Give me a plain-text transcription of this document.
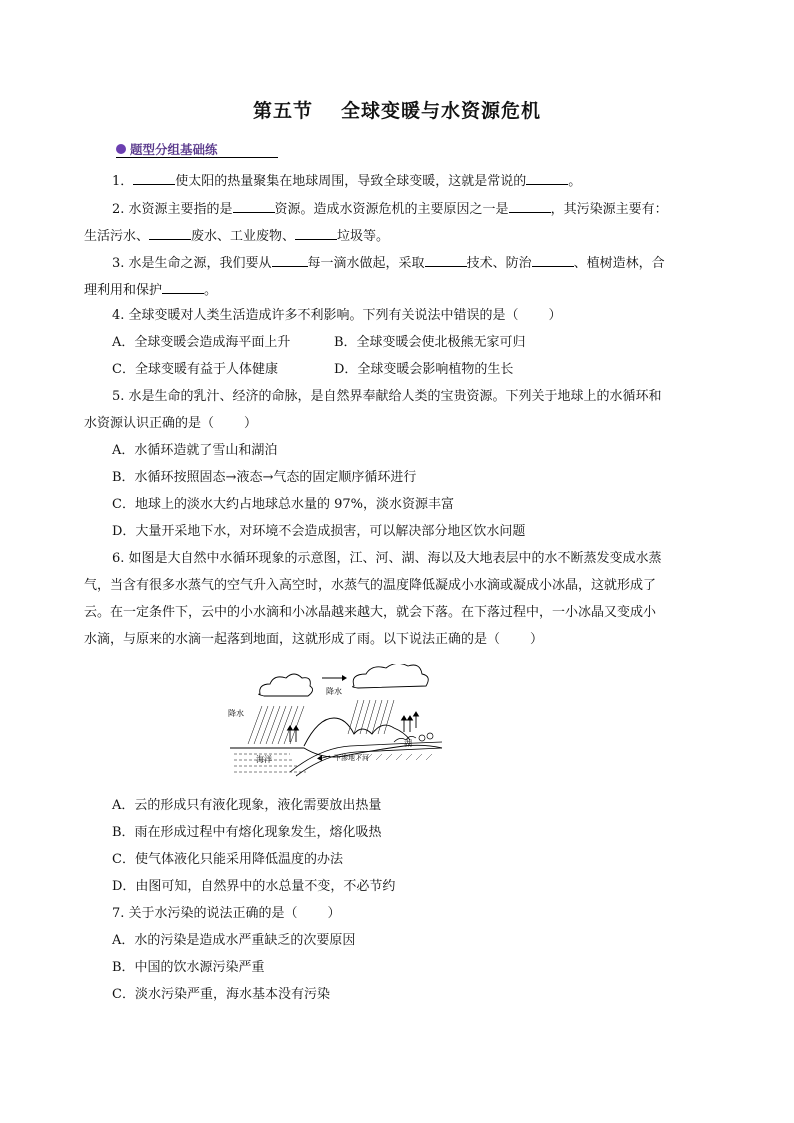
第五节 全球变暖与水资源危机
题型分组基础练
1．	使太阳的热量聚集在地球周围，导致全球变暖，这就是常说的	。
2. 水资源主要指的是	资源。造成水资源危机的主要原因之一是	，其污染源主要有：
生活污水、	废水、工业废物、	垃圾等。
3. 水是生命之源，我们要从	每一滴水做起，采取	技术、防治	、植树造林，合
理利用和保护	。
4. 全球变暖对人类生活造成许多不利影响。下列有关说法中错误的是（ ）
A．全球变暖会造成海平面上升	B．全球变暖会使北极熊无家可归
C．全球变暖有益于人体健康	D．全球变暖会影响植物的生长
5. 水是生命的乳汁、经济的命脉，是自然界奉献给人类的宝贵资源。下列关于地球上的水循环和
水资源认识正确的是（ ）
A．水循环造就了雪山和湖泊
B．水循环按照固态→液态→气态的固定顺序循环进行
C．地球上的淡水大约占地球总水量的 97%，淡水资源丰富
D．大量开采地下水，对环境不会造成损害，可以解决部分地区饮水问题
6. 如图是大自然中水循环现象的示意图，江、河、湖、海以及大地表层中的水不断蒸发变成水蒸
气，当含有很多水蒸气的空气升入高空时，水蒸气的温度降低凝成小水滴或凝成小冰晶，这就形成了
云。在一定条件下，云中的小水滴和小冰晶越来越大，就会下落。在下落过程中，一小冰晶又变成小
水滴，与原来的水滴一起落到地面，这就形成了雨。以下说法正确的是（ ）
降水
降水
海洋
湖
下渗地下河
A．云的形成只有液化现象，液化需要放出热量
B．雨在形成过程中有熔化现象发生，熔化吸热
C．使气体液化只能采用降低温度的办法
D．由图可知，自然界中的水总量不变，不必节约
7. 关于水污染的说法正确的是（ ）
A．水的污染是造成水严重缺乏的次要原因
B．中国的饮水源污染严重
C．淡水污染严重，海水基本没有污染
